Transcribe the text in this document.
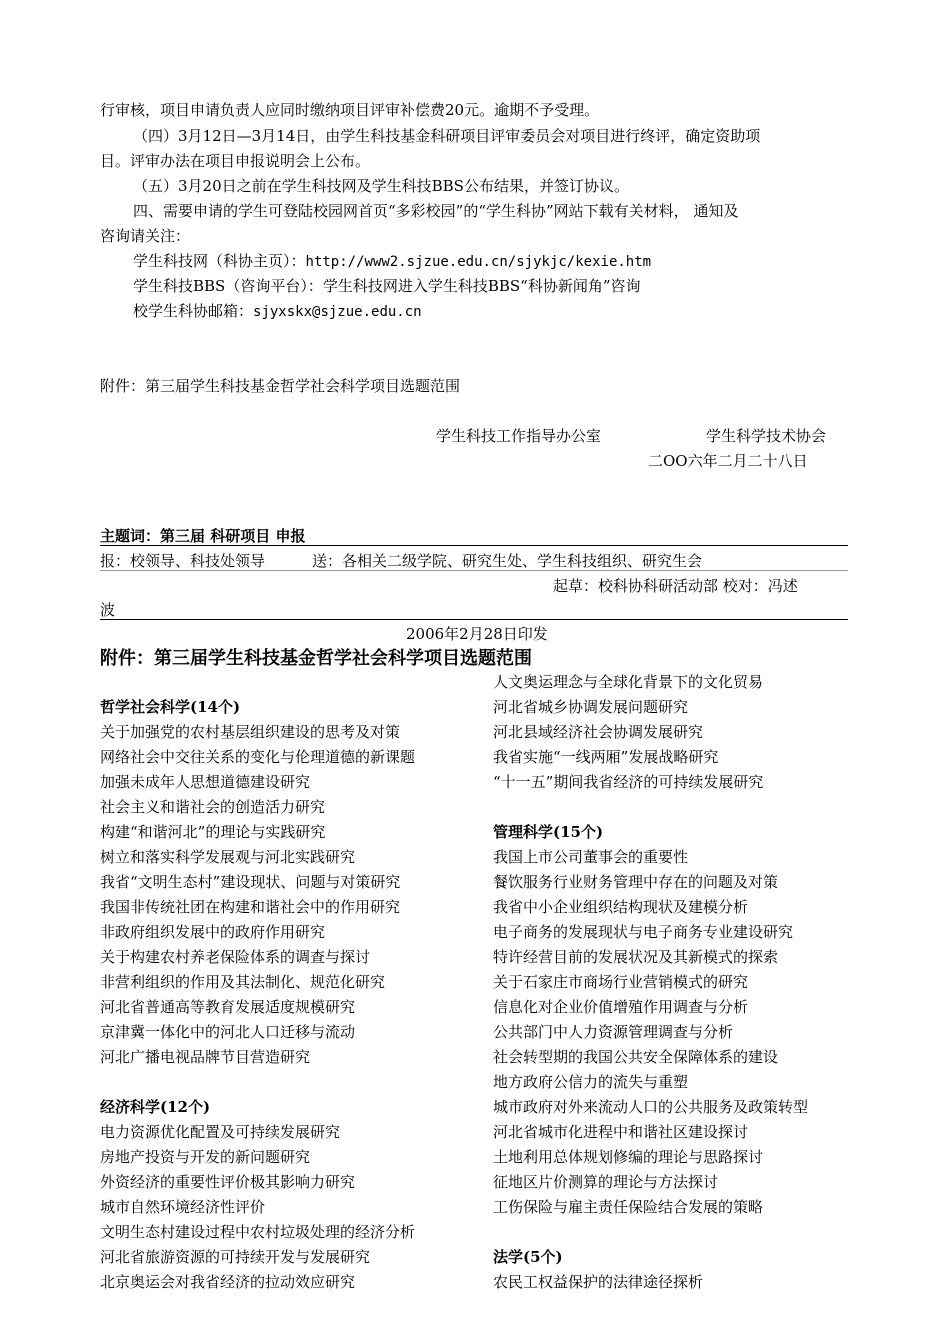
行审核，项目申请负责人应同时缴纳项目评审补偿费20元。逾期不予受理。
（四）3月12日—3月14日，由学生科技基金科研项目评审委员会对项目进行终评，确定资助项
目。评审办法在项目申报说明会上公布。
（五）3月20日之前在学生科技网及学生科技BBS公布结果，并签订协议。
四、需要申请的学生可登陆校园网首页“多彩校园”的“学生科协”网站下载有关材料， 通知及
咨询请关注：
学生科技网（科协主页）：http://www2.sjzue.edu.cn/sjykjc/kexie.htm
学生科技BBS（咨询平台）：学生科技网进入学生科技BBS“科协新闻角”咨询
校学生科协邮箱：sjyxskx@sjzue.edu.cn
附件：第三届学生科技基金哲学社会科学项目选题范围
学生科技工作指导办公室	学生科学技术协会
二OO六年二月二十八日
主题词：第三届 科研项目 申报
报：校领导、科技处领导	送：各相关二级学院、研究生处、学生科技组织、研究生会
起草：校科协科研活动部 校对：冯述
波
2006年2月28日印发
附件：第三届学生科技基金哲学社会科学项目选题范围
哲学社会科学(14个)
关于加强党的农村基层组织建设的思考及对策
网络社会中交往关系的变化与伦理道德的新课题
加强未成年人思想道德建设研究
社会主义和谐社会的创造活力研究
构建“和谐河北”的理论与实践研究
树立和落实科学发展观与河北实践研究
我省“文明生态村”建设现状、问题与对策研究
我国非传统社团在构建和谐社会中的作用研究
非政府组织发展中的政府作用研究
关于构建农村养老保险体系的调查与探讨
非营利组织的作用及其法制化、规范化研究
河北省普通高等教育发展适度规模研究
京津冀一体化中的河北人口迁移与流动
河北广播电视品牌节目营造研究
经济科学(12个)
电力资源优化配置及可持续发展研究
房地产投资与开发的新问题研究
外资经济的重要性评价极其影响力研究
城市自然环境经济性评价
文明生态村建设过程中农村垃圾处理的经济分析
河北省旅游资源的可持续开发与发展研究
北京奥运会对我省经济的拉动效应研究
人文奥运理念与全球化背景下的文化贸易
河北省城乡协调发展问题研究
河北县域经济社会协调发展研究
我省实施“一线两厢”发展战略研究
“十一五”期间我省经济的可持续发展研究
管理科学(15个)
我国上市公司董事会的重要性
餐饮服务行业财务管理中存在的问题及对策
我省中小企业组织结构现状及建模分析
电子商务的发展现状与电子商务专业建设研究
特许经营目前的发展状况及其新模式的探索
关于石家庄市商场行业营销模式的研究
信息化对企业价值增殖作用调查与分析
公共部门中人力资源管理调查与分析
社会转型期的我国公共安全保障体系的建设
地方政府公信力的流失与重塑
城市政府对外来流动人口的公共服务及政策转型
河北省城市化进程中和谐社区建设探讨
土地利用总体规划修编的理论与思路探讨
征地区片价测算的理论与方法探讨
工伤保险与雇主责任保险结合发展的策略
法学(5个)
农民工权益保护的法律途径探析
